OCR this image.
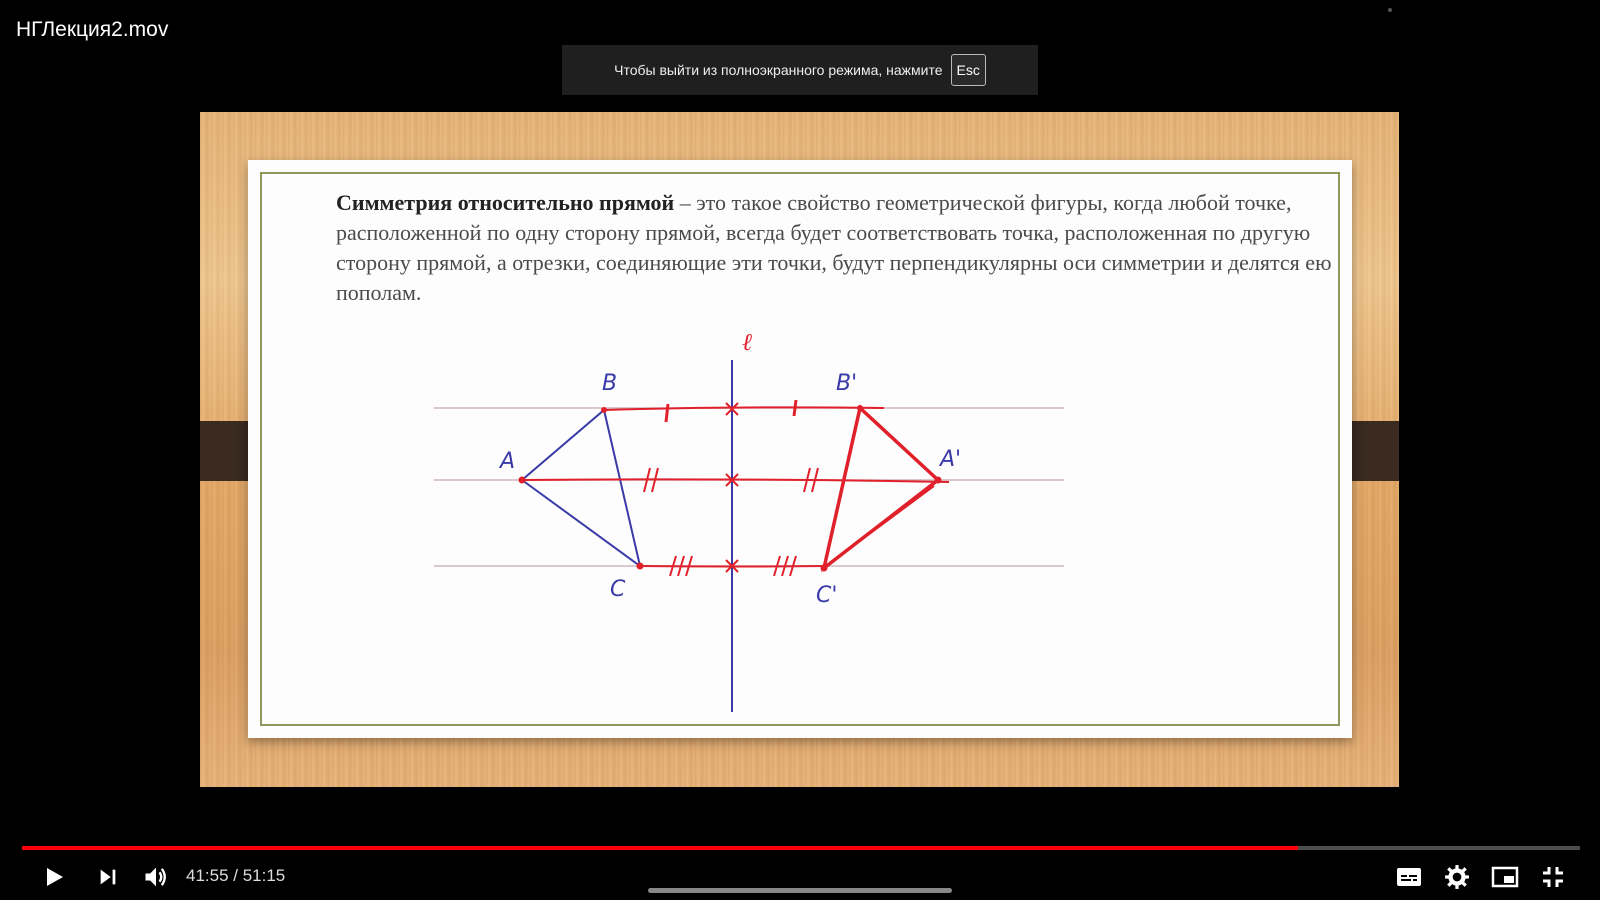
НГЛекция2.mov
Чтобы выйти из полноэкранного режима, нажмите	Esc
Симметрия относительно прямой – это такое свойство геометрической фигуры, когда любой точке, расположенной по одну сторону прямой, всегда будет соответствовать точка, расположенная по другую сторону прямой, а отрезки, соединяющие эти точки, будут перпендикулярны оси симметрии и делятся ею пополам.
ℓ
A
B
C
A'
B'
C'
41:55 / 51:15
